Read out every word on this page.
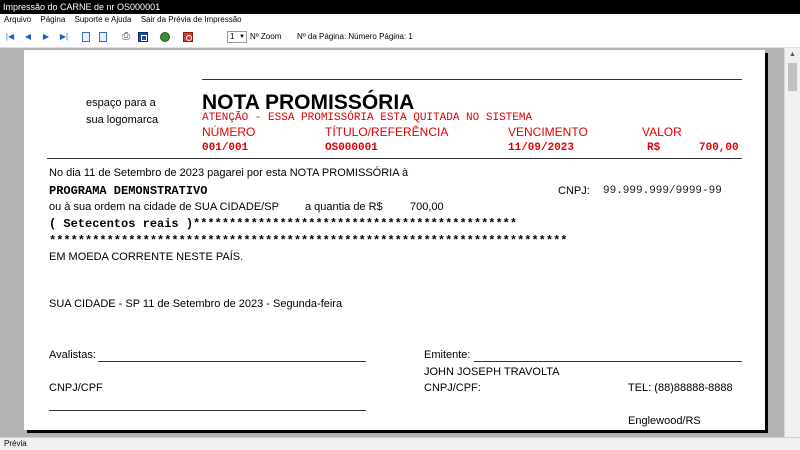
Impressão do CARNE de nr OS000001
Arquivo Página Suporte e Ajuda Sair da Prévia de Impressão
|◀	◀	▶	▶|	⎙	1 ▼ Nº Zoom Nº da Página: Número Página: 1
espaço para a
sua logomarca
NOTA PROMISSÓRIA
ATENÇÃO - ESSA PROMISSÓRIA ESTA QUITADA NO SISTEMA
NÚMERO	TÍTULO/REFERÊNCIA	VENCIMENTO	VALOR
001/001	OS000001	11/09/2023	R$	700,00
No dia 11 de Setembro de 2023 pagarei por esta NOTA PROMISSÓRIA à
PROGRAMA DEMONSTRATIVO	CNPJ: 99.999.999/9999-99
ou à sua ordem na cidade de SUA CIDADE/SP a quantia de R$ 700,00
( Setecentos reais )*********************************************
************************************************************************
EM MOEDA CORRENTE NESTE PAÍS.
SUA CIDADE - SP 11 de Setembro de 2023 - Segunda-feira
Avalistas:
CNPJ/CPF
Emitente:
JOHN JOSEPH TRAVOLTA
CNPJ/CPF:	TEL: (88)88888-8888
Englewood/RS
▲
Prévia
